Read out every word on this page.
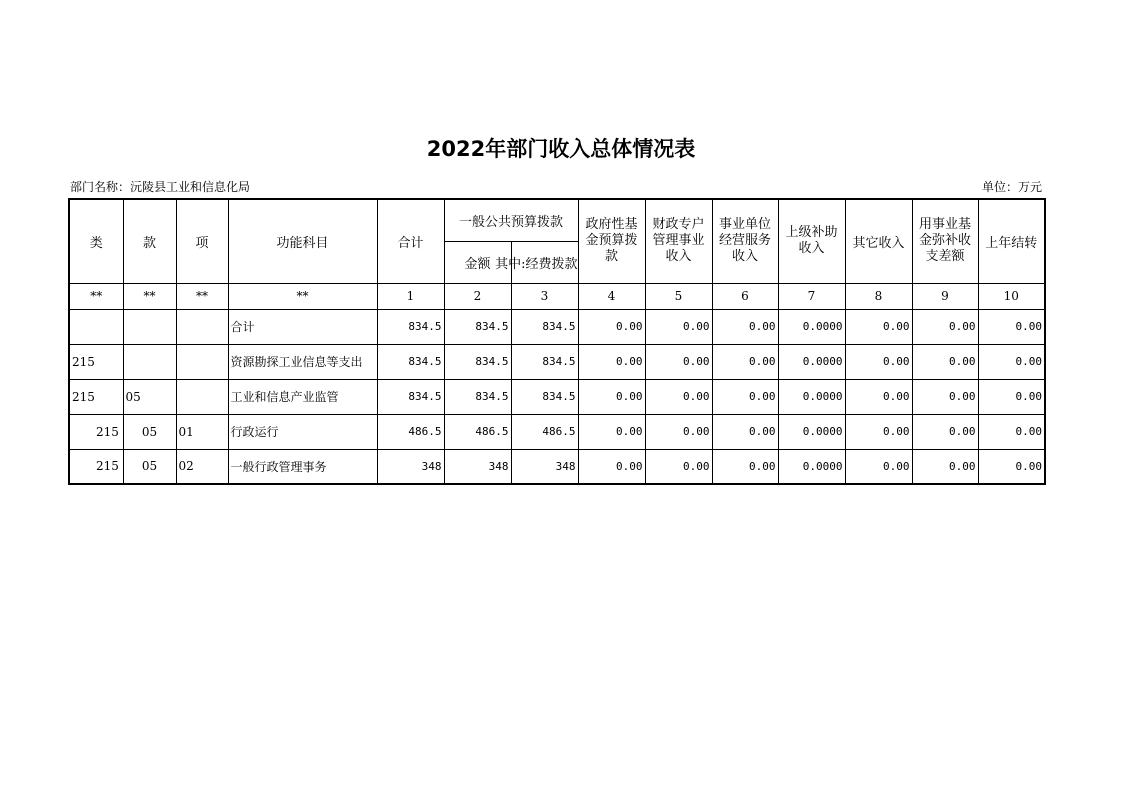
2022年部门收入总体情况表
部门名称：沅陵县工业和信息化局	单位：万元
类	款	项	功能科目	合计	一般公共预算拨款		政府性基金预算拨款	财政专户管理事业收入	事业单位经营服务收入	上级补助收入	其它收入	用事业基金弥补收支差额	上年结转
					金额	其中:经费拨款							

**	**	**	**	1	2	3	4	5	6	7	8	9	10
			合计	834.5	834.5	834.5	0.00	0.00	0.00	0.0000	0.00	0.00	0.00
215			资源勘探工业信息等支出	834.5	834.5	834.5	0.00	0.00	0.00	0.0000	0.00	0.00	0.00
215	05		工业和信息产业监管	834.5	834.5	834.5	0.00	0.00	0.00	0.0000	0.00	0.00	0.00
215	05	01	行政运行	486.5	486.5	486.5	0.00	0.00	0.00	0.0000	0.00	0.00	0.00
215	05	02	一般行政管理事务	348	348	348	0.00	0.00	0.00	0.0000	0.00	0.00	0.00
